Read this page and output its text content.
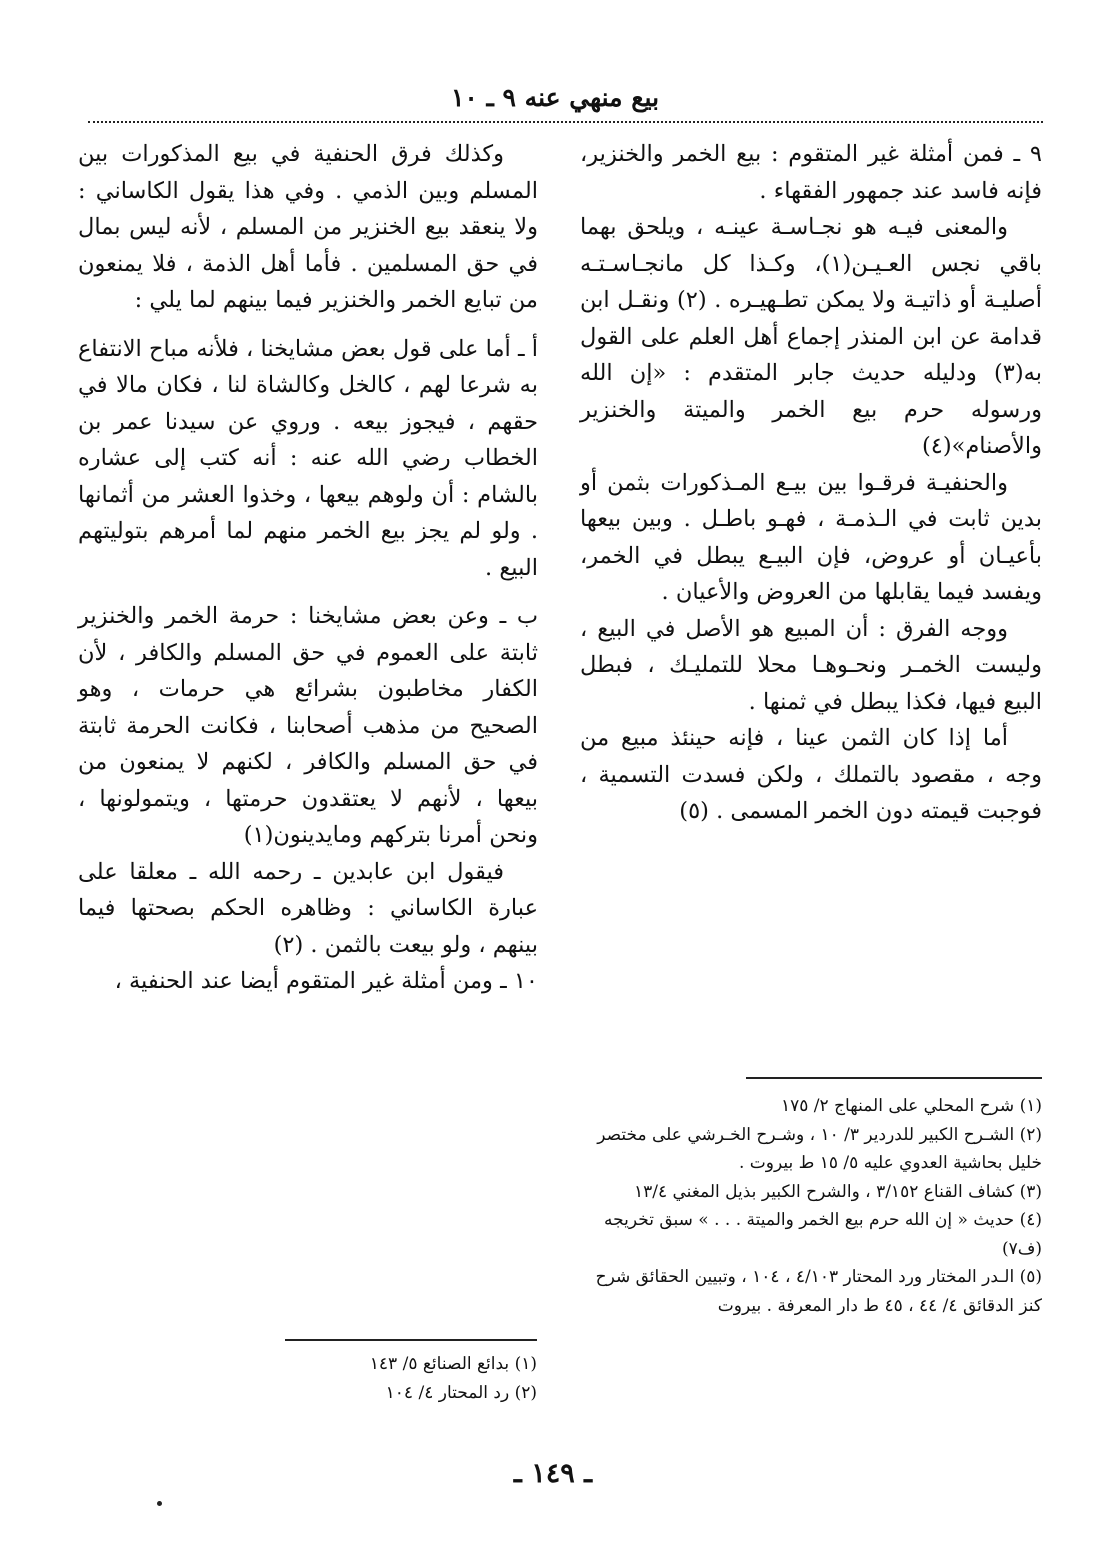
بيع منهي عنه ٩ ـ ١٠

٩ ـ فمن أمثلة غير المتقوم : بيع الخمر والخنزير، فإنه فاسد عند جمهور الفقهاء .

والمعنى فيـه هو نجـاسـة عينـه ، ويلحق بهما باقي نجس العـيـن(١)، وكـذا كل مانجـاسـتـه أصليـة أو ذاتيـة ولا يمكن تطـهيـره . (٢) ونقـل ابن قدامة عن ابن المنذر إجماع أهل العلم على القول به(٣) ودليله حديث جابر المتقدم : «إن الله ورسوله حرم بيع الخمر والميتة والخنزير والأصنام»(٤)

والحنفيـة فرقـوا بين بيـع المـذكورات بثمن أو بدين ثابت في الـذمـة ، فهـو باطـل . وبين بيعها بأعيـان أو عروض، فإن البيـع يبطل في الخمر، ويفسد فيما يقابلها من العروض والأعيان .

ووجه الفرق : أن المبيع هو الأصل في البيع ، وليست الخمـر ونحـوهـا محلا للتمليـك ، فبطل البيع فيها، فكذا يبطل في ثمنها .

أما إذا كان الثمن عينا ، فإنه حينئذ مبيع من وجه ، مقصود بالتملك ، ولكن فسدت التسمية ، فوجبت قيمته دون الخمر المسمى . (٥)

وكذلك فرق الحنفية في بيع المذكورات بين المسلم وبين الذمي . وفي هذا يقول الكاساني : ولا ينعقد بيع الخنزير من المسلم ، لأنه ليس بمال في حق المسلمين . فأما أهل الذمة ، فلا يمنعون من تبايع الخمر والخنزير فيما بينهم لما يلي :

أ ـ أما على قول بعض مشايخنا ، فلأنه مباح الانتفاع به شرعا لهم ، كالخل وكالشاة لنا ، فكان مالا في حقهم ، فيجوز بيعه . وروي عن سيدنا عمر بن الخطاب رضي الله عنه : أنه كتب إلى عشاره بالشام : أن ولوهم بيعها ، وخذوا العشر من أثمانها . ولو لم يجز بيع الخمر منهم لما أمرهم بتوليتهم البيع .

ب ـ وعن بعض مشايخنا : حرمة الخمر والخنزير ثابتة على العموم في حق المسلم والكافر ، لأن الكفار مخاطبون بشرائع هي حرمات ، وهو الصحيح من مذهب أصحابنا ، فكانت الحرمة ثابتة في حق المسلم والكافر ، لكنهم لا يمنعون من بيعها ، لأنهم لا يعتقدون حرمتها ، ويتمولونها ، ونحن أمرنا بتركهم ومايدينون(١)

فيقول ابن عابدين ـ رحمه الله ـ معلقا على عبارة الكاساني : وظاهره الحكم بصحتها فيما بينهم ، ولو بيعت بالثمن . (٢)

١٠ ـ ومن أمثلة غير المتقوم أيضا عند الحنفية ،

(١) شرح المحلي على المنهاج ٢/ ١٧٥

(٢) الشـرح الكبير للدردير ٣/ ١٠ ، وشـرح الخـرشي على مختصر خليل بحاشية العدوي عليه ٥/ ١٥ ط بيروت .

(٣) كشاف القناع ٣/١٥٢ ، والشرح الكبير بذيل المغني ١٣/٤

(٤) حديث « إن الله حرم بيع الخمر والميتة . . . » سبق تخريجه (ف٧)

(٥) الـدر المختار ورد المحتار ٤/١٠٣ ، ١٠٤ ، وتبيين الحقائق شرح كنز الدقائق ٤/ ٤٤ ، ٤٥ ط دار المعرفة . بيروت

(١) بدائع الصنائع ٥/ ١٤٣

(٢) رد المحتار ٤/ ١٠٤

ـ ١٤٩ ـ
